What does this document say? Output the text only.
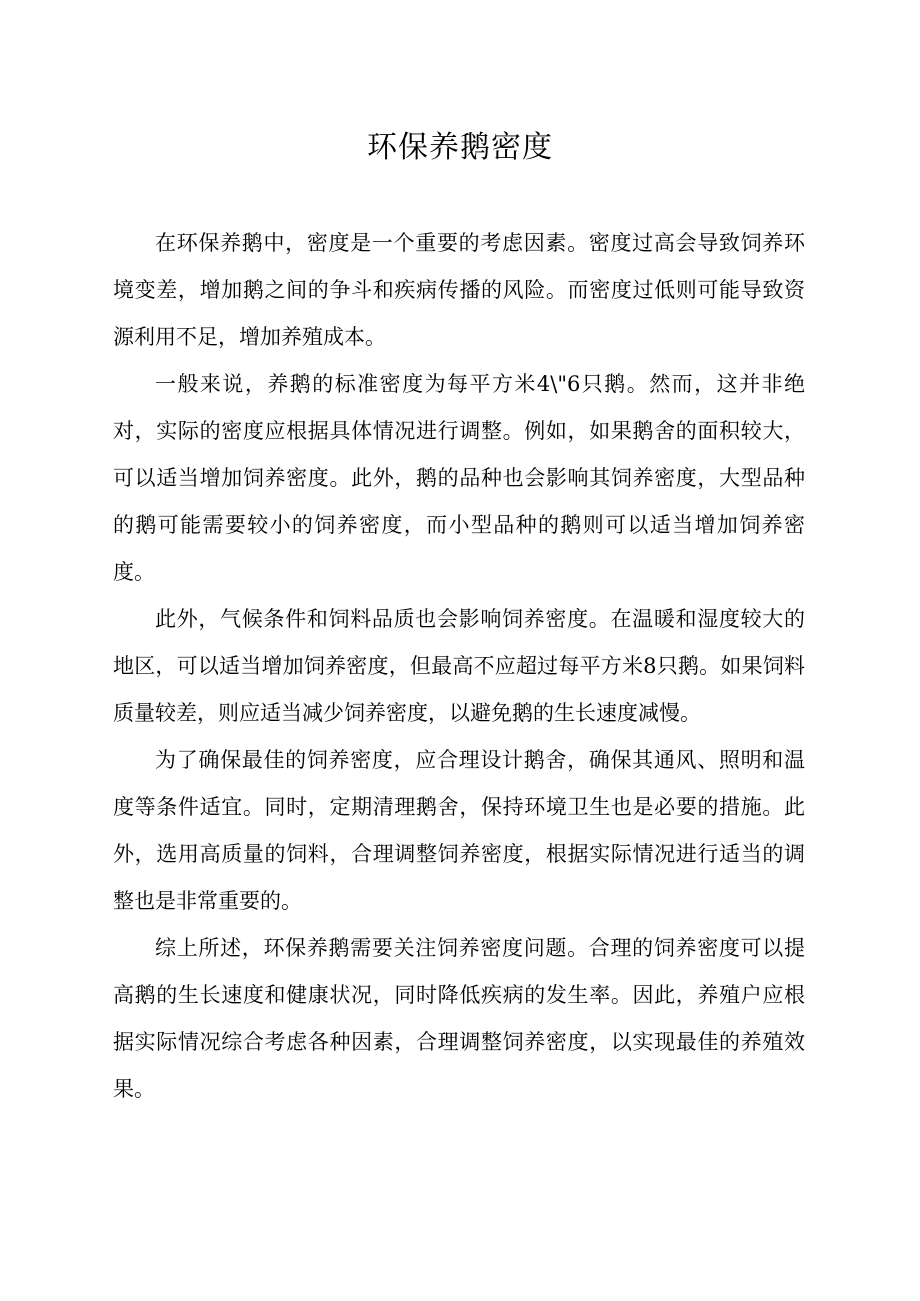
环保养鹅密度

在环保养鹅中，密度是一个重要的考虑因素。密度过高会导致饲养环境变差，增加鹅之间的争斗和疾病传播的风险。而密度过低则可能导致资源利用不足，增加养殖成本。

一般来说，养鹅的标准密度为每平方米4\"6只鹅。然而，这并非绝对，实际的密度应根据具体情况进行调整。例如，如果鹅舍的面积较大，可以适当增加饲养密度。此外，鹅的品种也会影响其饲养密度，大型品种的鹅可能需要较小的饲养密度，而小型品种的鹅则可以适当增加饲养密度。

此外，气候条件和饲料品质也会影响饲养密度。在温暖和湿度较大的地区，可以适当增加饲养密度，但最高不应超过每平方米8只鹅。如果饲料质量较差，则应适当减少饲养密度，以避免鹅的生长速度减慢。

为了确保最佳的饲养密度，应合理设计鹅舍，确保其通风、照明和温度等条件适宜。同时，定期清理鹅舍，保持环境卫生也是必要的措施。此外，选用高质量的饲料，合理调整饲养密度，根据实际情况进行适当的调整也是非常重要的。

综上所述，环保养鹅需要关注饲养密度问题。合理的饲养密度可以提高鹅的生长速度和健康状况，同时降低疾病的发生率。因此，养殖户应根据实际情况综合考虑各种因素，合理调整饲养密度，以实现最佳的养殖效果。
